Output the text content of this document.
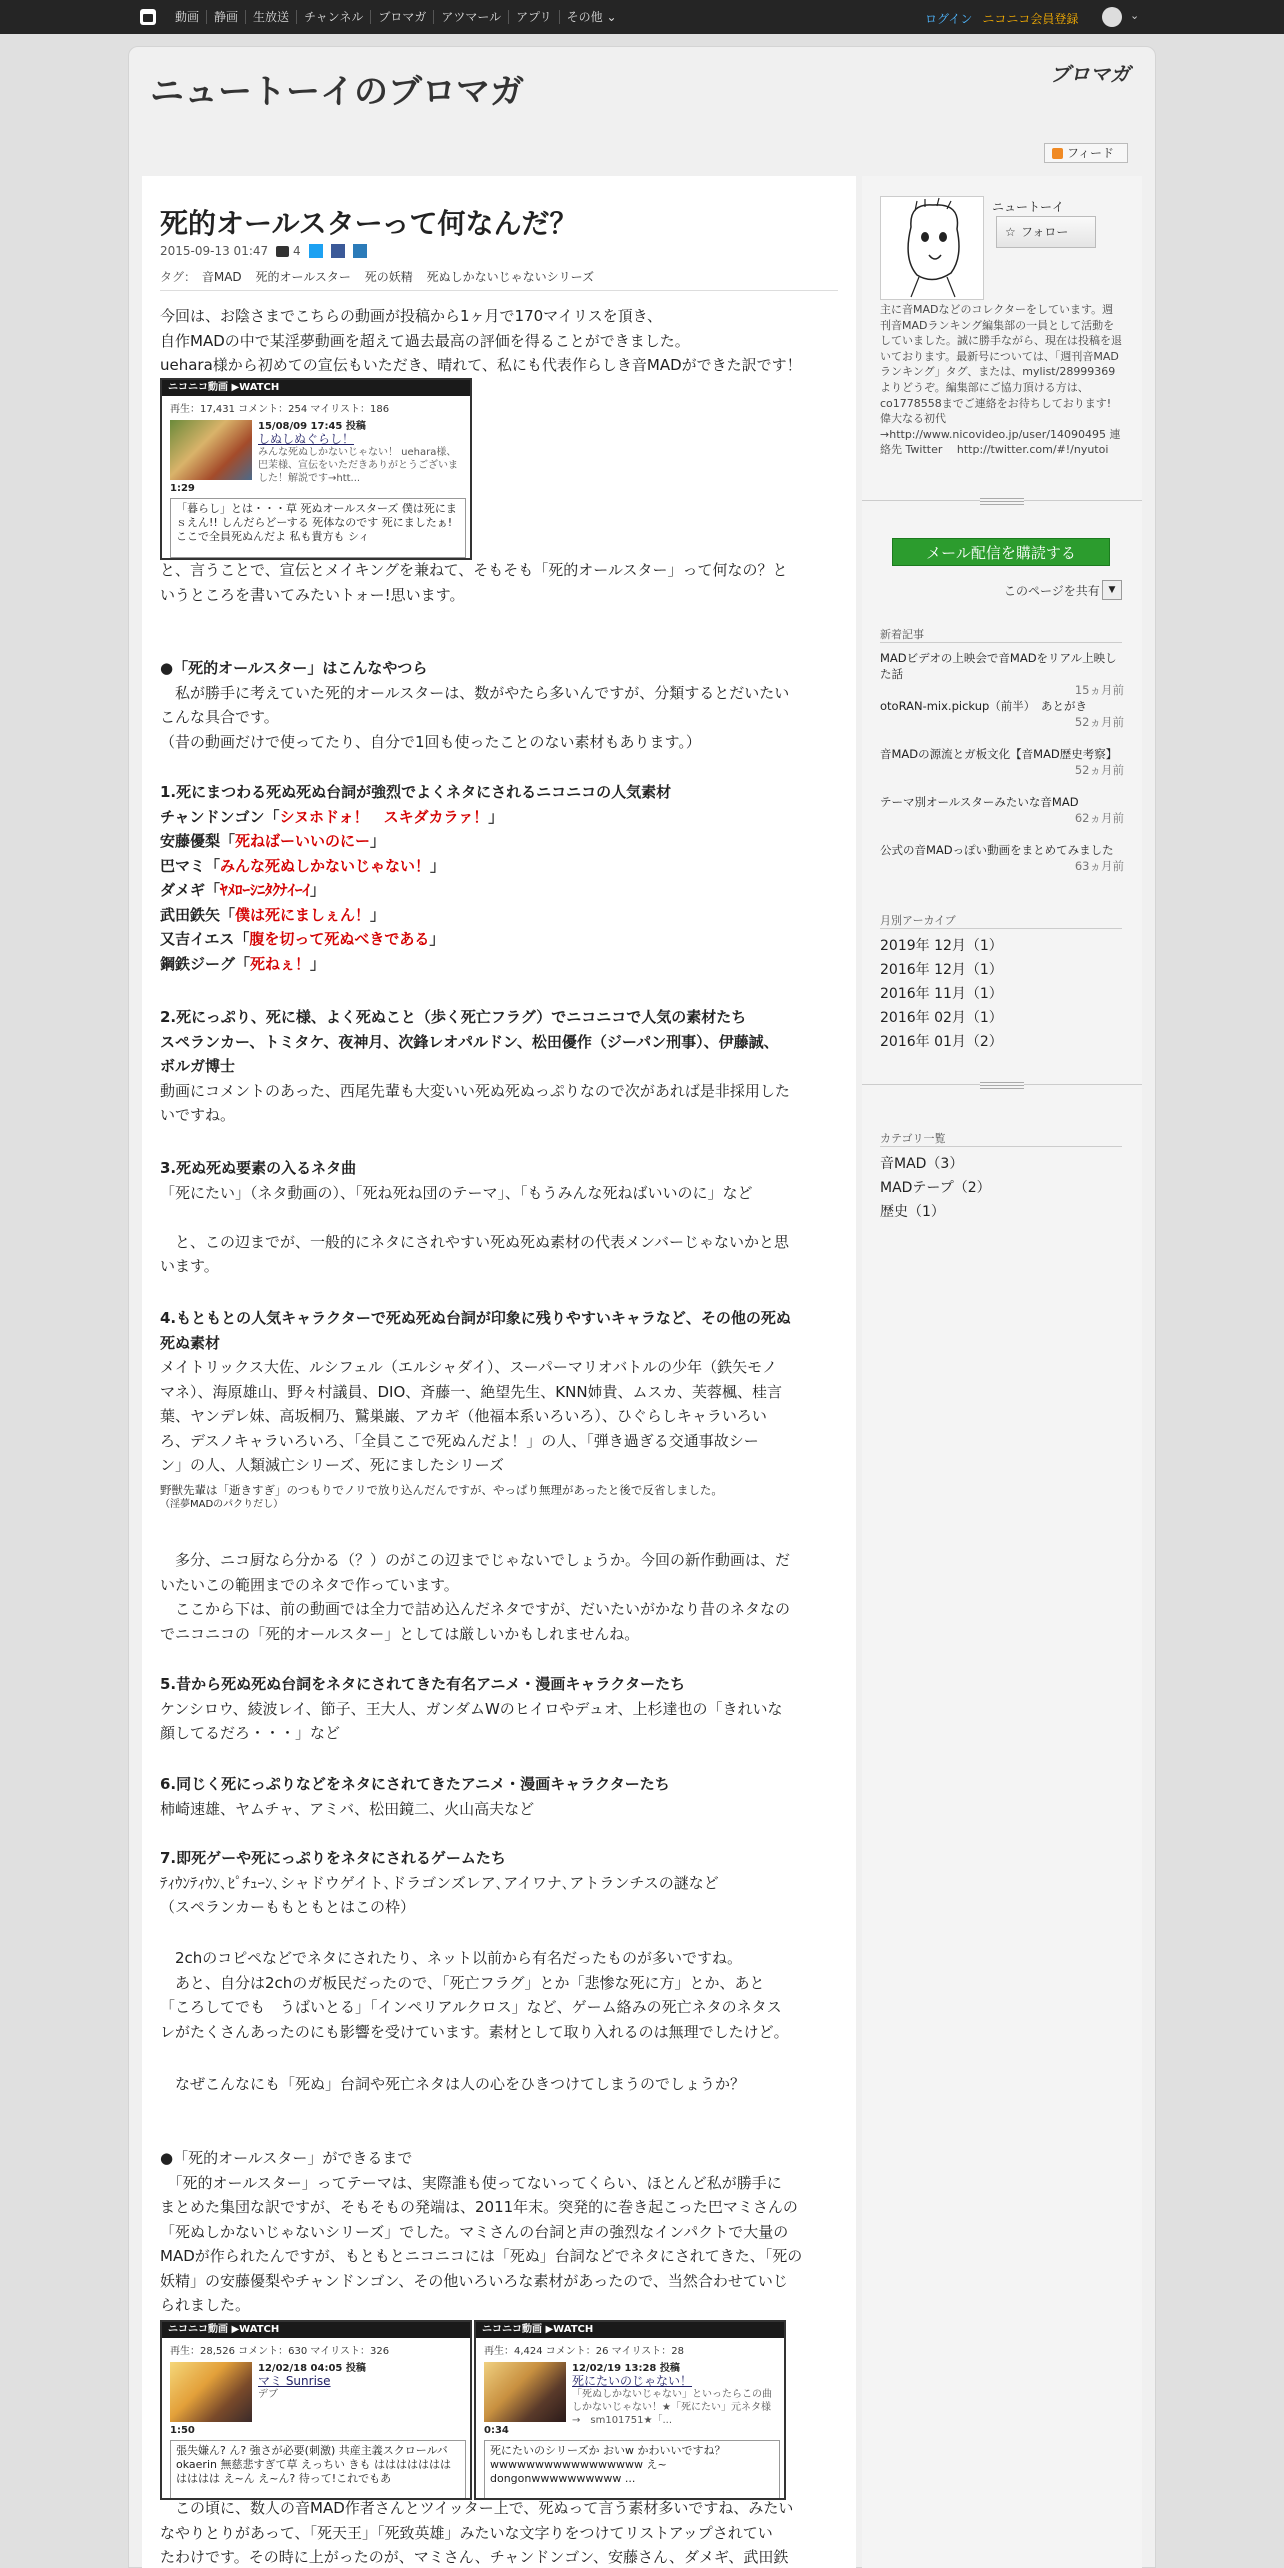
動画	静画	生放送	チャンネル	ブロマガ	アツマール	アプリ	その他 ⌄	ログイン ニコニコ会員登録	⌄
ニュートーイのブロマガ	ブロマガ
フィード
死的オールスターって何なんだ？
2015-09-13 01:47	4
タグ： 音MAD 死的オールスター 死の妖精 死ぬしかないじゃないシリーズ

今回は、お陰さまでこちらの動画が投稿から1ヶ月で170マイリスを頂き、

自作MADの中で某淫夢動画を超えて過去最高の評価を得ることができました。

uehara様から初めての宣伝もいただき、晴れて、私にも代表作らしき音MADができた訳です！

ニコニコ動画 ▶WATCH
再生：17,431 コメント：254 マイリスト：186
1:29
15/08/09 17:45 投稿
しぬしぬぐらし！
みんな死ぬしかないじゃない！ uehara様、巴茉様、宣伝をいただきありがとうございました！解説です→htt...
「暮らし」とは・・・草 死ぬオールスターズ 僕は死にまｓえん!! しんだらどーする 死体なのです 死にましたぁ!ここで全員死ぬんだよ 私も貴方も シィ

と、言うことで、宣伝とメイキングを兼ねて、そもそも「死的オールスター」って何なの？と

いうところを書いてみたいトォー!思います。

●「死的オールスター」はこんなやつら

　私が勝手に考えていた死的オールスターは、数がやたら多いんですが、分類するとだいたい

こんな具合です。

（昔の動画だけで使ってたり、自分で1回も使ったことのない素材もあります。）

1.死にまつわる死ぬ死ぬ台詞が強烈でよくネタにされるニコニコの人気素材

チャンドンゴン「シヌホドォ！　スキダカラァ！」

安藤優梨「死ねばーいいのにー」

巴マミ「みんな死ぬしかないじゃない！」

ダメギ「ﾔﾒﾛｰｼﾆﾀｸﾅｲｰｲ」

武田鉄矢「僕は死にましぇん！」

又吉イエス「腹を切って死ぬべきである」

鋼鉄ジーグ「死ねぇ！」

2.死にっぷり、死に様、よく死ぬこと（歩く死亡フラグ）でニコニコで人気の素材たち

スペランカー、トミタケ、夜神月、次鋒レオパルドン、松田優作（ジーパン刑事）、伊藤誠、

ボルガ博士

動画にコメントのあった、西尾先輩も大変いい死ぬ死ぬっぷりなので次があれば是非採用した

いですね。

3.死ぬ死ぬ要素の入るネタ曲

「死にたい」（ネタ動画の）、「死ね死ね団のテーマ」、「もうみんな死ねばいいのに」など

　と、この辺までが、一般的にネタにされやすい死ぬ死ぬ素材の代表メンバーじゃないかと思

います。

4.もともとの人気キャラクターで死ぬ死ぬ台詞が印象に残りやすいキャラなど、その他の死ぬ

死ぬ素材

メイトリックス大佐、ルシフェル（エルシャダイ）、スーパーマリオバトルの少年（鉄矢モノ

マネ）、海原雄山、野々村議員、DIO、斉藤一、絶望先生、KNN姉貴、ムスカ、芙蓉楓、桂言

葉、ヤンデレ妹、高坂桐乃、鷲巣巌、アカギ（他福本系いろいろ）、ひぐらしキャラいろい

ろ、デスノキャラいろいろ、「全員ここで死ぬんだよ！」の人、「弾き過ぎる交通事故シー

ン」の人、人類滅亡シリーズ、死にましたシリーズ

野獣先輩は「逝きすぎ」のつもりでノリで放り込んだんですが、やっぱり無理があったと後で反省しました。

（淫夢MADのパクりだし）

　多分、ニコ厨なら分かる（？）のがこの辺までじゃないでしょうか。今回の新作動画は、だ

いたいこの範囲までのネタで作っています。

　ここから下は、前の動画では全力で詰め込んだネタですが、だいたいがかなり昔のネタなの

でニコニコの「死的オールスター」としては厳しいかもしれませんね。

5.昔から死ぬ死ぬ台詞をネタにされてきた有名アニメ・漫画キャラクターたち

ケンシロウ、綾波レイ、節子、王大人、ガンダムWのヒイロやデュオ、上杉達也の「きれいな

顔してるだろ・・・」など

6.同じく死にっぷりなどをネタにされてきたアニメ・漫画キャラクターたち

柿崎速雄、ヤムチャ、アミバ、松田鏡二、火山高夫など

7.即死ゲーや死にっぷりをネタにされるゲームたち

ﾃｨｳﾝﾃｨｳﾝ､ﾋﾟﾁｭｰﾝ､シャドウゲイト､ドラゴンズレア､アイワナ､アトランチスの謎など

（スペランカーももともとはこの枠）

　2chのコピペなどでネタにされたり、ネット以前から有名だったものが多いですね。

　あと、自分は2chのガ板民だったので、「死亡フラグ」とか「悲惨な死に方」とか、あと

「ころしてでも　うばいとる」「インペリアルクロス」など、ゲーム絡みの死亡ネタのネタス

レがたくさんあったのにも影響を受けています。素材として取り入れるのは無理でしたけど。

　なぜこんなにも「死ぬ」台詞や死亡ネタは人の心をひきつけてしまうのでしょうか？

●「死的オールスター」ができるまで

　「死的オールスター」ってテーマは、実際誰も使ってないってくらい、ほとんど私が勝手に

まとめた集団な訳ですが、そもそもの発端は、2011年末。突発的に巻き起こった巴マミさんの

「死ぬしかないじゃないシリーズ」でした。マミさんの台詞と声の強烈なインパクトで大量の

MADが作られたんですが、もともとニコニコには「死ぬ」台詞などでネタにされてきた、「死の

妖精」の安藤優梨やチャンドンゴン、その他いろいろな素材があったので、当然合わせていじ

られました。

ニコニコ動画 ▶WATCH
再生：28,526 コメント：630 マイリスト：326
1:50
12/02/18 04:05 投稿
マミ Sunrise
デブ
張失嫌ん? ん? 強さが必要(刺激) 共産主義スクロールバ okaerin 無慈悲すぎて草 えっちい きも ははははははははははは え~ん え~ん? 待って!これでもあ
ニコニコ動画 ▶WATCH
再生：4,424 コメント：26 マイリスト：28
0:34
12/02/19 13:28 投稿
死にたいのじゃない！
「死ぬしかないじゃない」といったらこの曲しかないじゃない！★「死にたい」元ネタ様　→　sm101751★「...
死にたいのシリーズか おいw かわいいですね？ wwwwwwwwwwwwwwwww え~ dongonwwwwwwwwww ...

　この頃に、数人の音MAD作者さんとツイッター上で、死ぬって言う素材多いですね、みたい

なやりとりがあって、「死天王」「死致英雄」みたいな文字りをつけてリストアップされてい

たわけです。その時に上がったのが、マミさん、チャンドンゴン、安藤さん、ダメギ、武田鉄

ニュートーイ
☆ フォロー
主に音MADなどのコレクターをしています。週刊音MADランキング編集部の一員として活動をしていました。誠に勝手ながら、現在は投稿を退いております。最新号については、「週刊音MADランキング」タグ、または、mylist/28999369よりどうぞ。編集部にご協力頂ける方は、co1778558までご連絡をお待ちしております! 偉大なる初代→http://www.nicovideo.jp/user/14090495 連絡先 Twitter　 http://twitter.com/#!/nyutoi
メール配信を購読する
このページを共有 ▼
新着記事
MADビデオの上映会で音MADをリアル上映した話
15ヵ月前
otoRAN-mix.pickup（前半）　あとがき
52ヵ月前
音MADの源流とガ板文化【音MAD歴史考察】
52ヵ月前
テーマ別オールスターみたいな音MAD
62ヵ月前
公式の音MADっぽい動画をまとめてみました
63ヵ月前
月別アーカイブ
2019年 12月（1）
2016年 12月（1）
2016年 11月（1）
2016年 02月（1）
2016年 01月（2）
カテゴリ一覧
音MAD（3）
MADテープ（2）
歴史（1）
